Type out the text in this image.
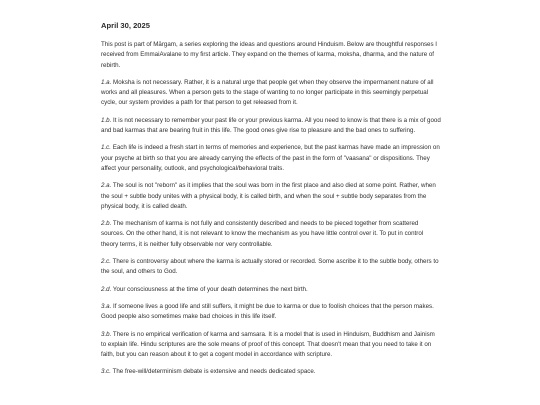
April 30, 2025

This post is part of Mārgam, a series exploring the ideas and questions around Hinduism. Below are thoughtful responses I received from EmmaiAvalane to my first article. They expand on the themes of karma, moksha, dharma, and the nature of rebirth.

1.a. Moksha is not necessary. Rather, it is a natural urge that people get when they observe the impermanent nature of all works and all pleasures. When a person gets to the stage of wanting to no longer participate in this seemingly perpetual cycle, our system provides a path for that person to get released from it.

1.b. It is not necessary to remember your past life or your previous karma. All you need to know is that there is a mix of good and bad karmas that are bearing fruit in this life. The good ones give rise to pleasure and the bad ones to suffering.

1.c. Each life is indeed a fresh start in terms of memories and experience, but the past karmas have made an impression on your psyche at birth so that you are already carrying the effects of the past in the form of "vaasana" or dispositions. They affect your personality, outlook, and psychological/behavioral traits.

2.a. The soul is not "reborn" as it implies that the soul was born in the first place and also died at some point. Rather, when the soul + subtle body unites with a physical body, it is called birth, and when the soul + subtle body separates from the physical body, it is called death.

2.b. The mechanism of karma is not fully and consistently described and needs to be pieced together from scattered sources. On the other hand, it is not relevant to know the mechanism as you have little control over it. To put in control theory terms, it is neither fully observable nor very controllable.

2.c. There is controversy about where the karma is actually stored or recorded. Some ascribe it to the subtle body, others to the soul, and others to God.

2.d. Your consciousness at the time of your death determines the next birth.

3.a. If someone lives a good life and still suffers, it might be due to karma or due to foolish choices that the person makes. Good people also sometimes make bad choices in this life itself.

3.b. There is no empirical verification of karma and samsara. It is a model that is used in Hinduism, Buddhism and Jainism to explain life. Hindu scriptures are the sole means of proof of this concept. That doesn't mean that you need to take it on faith, but you can reason about it to get a cogent model in accordance with scripture.

3.c. The free-will/determinism debate is extensive and needs dedicated space.
